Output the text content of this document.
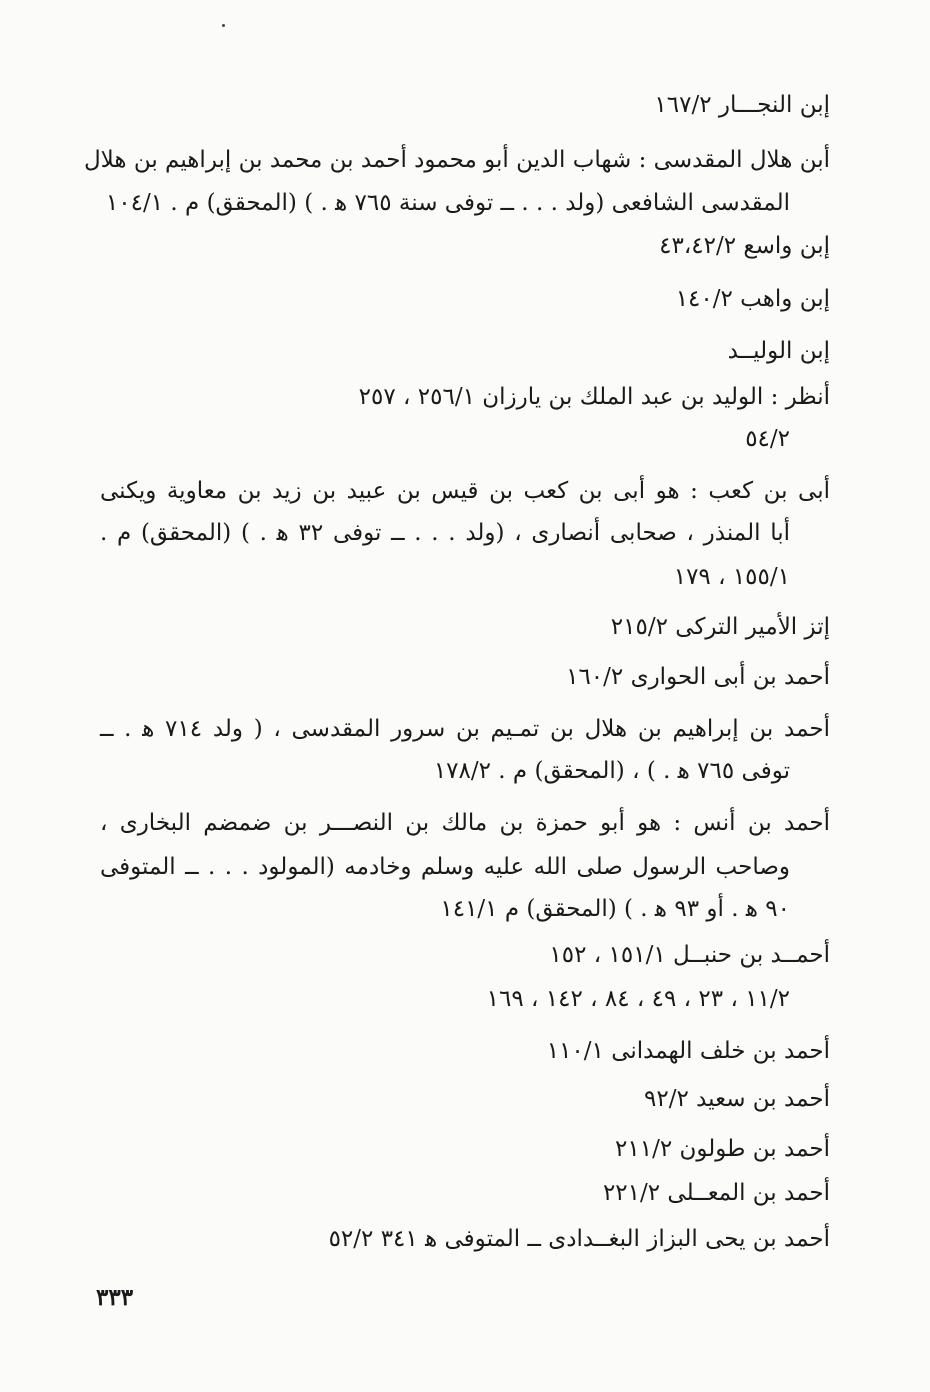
إبن النجـــار ١٦٧/٢
أبن هلال المقدسى : شهاب الدين أبو محمود أحمد بن محمد بن إبراهيم بن هلال
المقدسى الشافعى (ولد . . . ــ توفى سنة ٧٦٥ ﻫ . ) (المحقق) م . ١٠٤/١
إبن واسع ٤٣،٤٢/٢
إبن واهب ١٤٠/٢
إبن الوليــد
أنظر : الوليد بن عبد الملك بن يارزان ٢٥٦/١ ، ٢٥٧
٥٤/٢
أبى بن كعب : هو أبى بن كعب بن قيس بن عبيد بن زيد بن معاوية ويكنى
أبا المنذر ، صحابى أنصارى ، (ولد . . . ــ توفى ٣٢ ﻫ . ) (المحقق) م .
١٥٥/١ ، ١٧٩
إتز الأمير التركى ٢١٥/٢
أحمد بن أبى الحوارى ١٦٠/٢
أحمد بن إبراهيم بن هلال بن تمـيم بن سرور المقدسى ، ( ولد ٧١٤ ﻫ . ــ
توفى ٧٦٥ ﻫ . ) ، (المحقق) م . ١٧٨/٢
أحمد بن أنس : هو أبو حمزة بن مالك بن النصـــر بن ضمضم البخارى ،
وصاحب الرسول صلى الله عليه وسلم وخادمه (المولود . . . ــ المتوفى
٩٠ ﻫ . أو ٩٣ ﻫ . ) (المحقق) م ١٤١/١
أحمــد بن حنبــل ١٥١/١ ، ١٥٢
١١/٢ ، ٢٣ ، ٤٩ ، ٨٤ ، ١٤٢ ، ١٦٩
أحمد بن خلف الهمدانى ١١٠/١
أحمد بن سعيد ٩٢/٢
أحمد بن طولون ٢١١/٢
أحمد بن المعــلى ٢٢١/٢
أحمد بن يحى البزاز البغــدادى ــ المتوفى ﻫ ٣٤١ ٥٢/٢
٣٣٣
